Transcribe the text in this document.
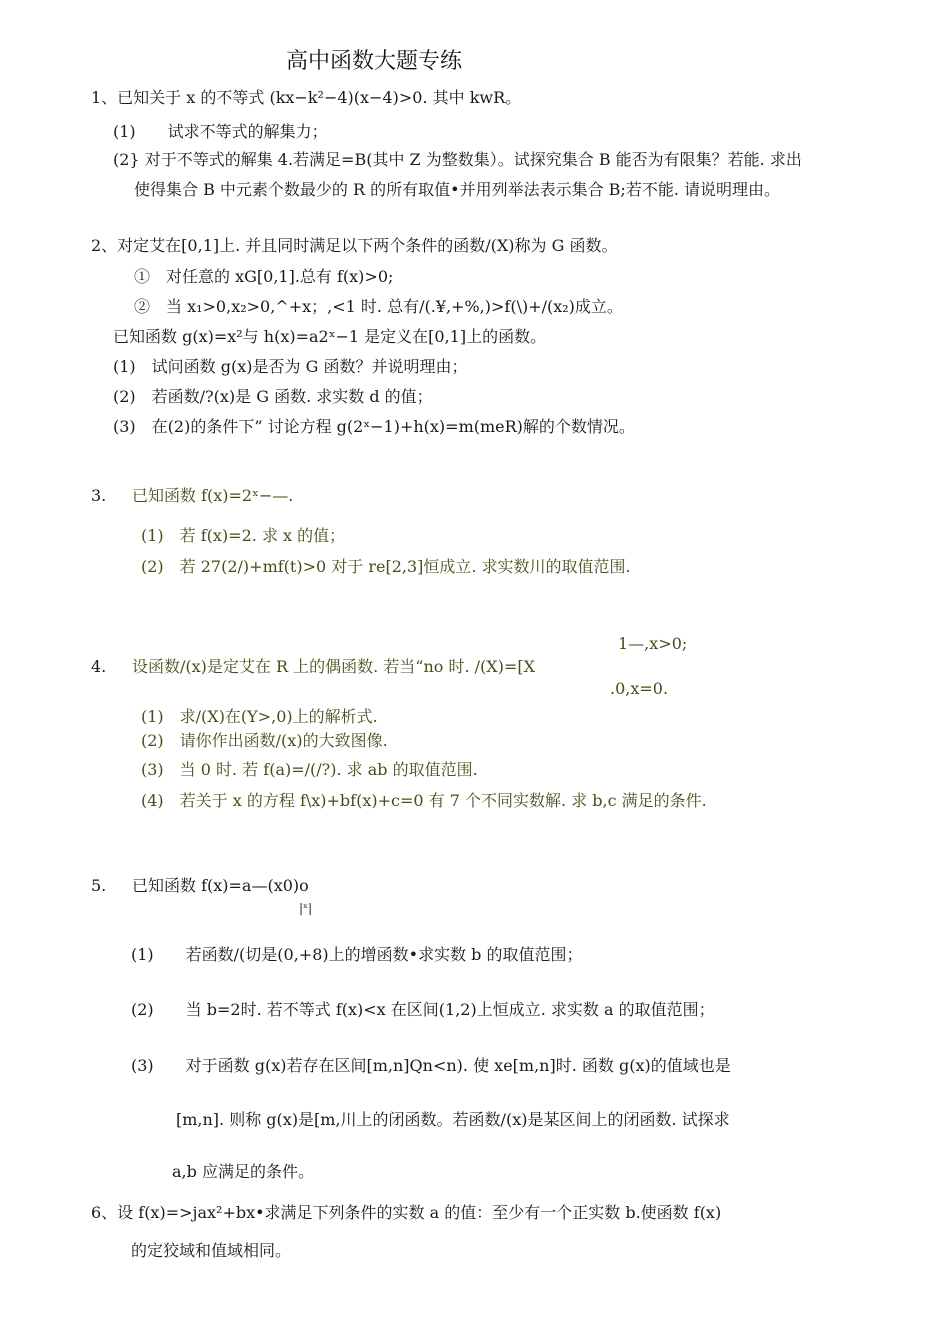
高中函数大题专练
1、已知关于 x 的不等式 (kx−k²−4)(x−4)>0. 其中 kwR。
(1)　　试求不等式的解集力；
(2} 对于不等式的解集 4.若满足=B(其中 Z 为整数集）。试探究集合 B 能否为有限集？若能. 求出
使得集合 B 中元素个数最少的 R 的所有取值•并用列举法表示集合 B;若不能. 请说明理由。
2、对定艾在[0,1]上. 并且同时满足以下两个条件的函数/(X)称为 G 函数。
①　对任意的 xG[0,1].总有 f(x)>0;
②　当 x₁>0,x₂>0,^+x；,<1 时. 总有/(.¥,+%,)>f(\)+/(x₂)成立。
已知函数 g(x)=x²与 h(x)=a2ˣ−1 是定义在[0,1]上的函数。
(1)　试问函数 g(x)是否为 G 函数？并说明理由；
(2)　若函数/?(x)是 G 函数. 求实数 d 的值；
(3)　在(2)的条件下” 讨论方程 g(2ˣ−1)+h(x)=m(meR)解的个数情况。
3. 已知函数 f(x)=2ˣ−—.
(1)　若 f(x)=2. 求 x 的值；
(2)　若 27(2/)+mf(t)>0 对于 re[2,3]恒成立. 求实数川的取值范围.
1—,x>0;
4. 设函数/(x)是定艾在 R 上的偶函数. 若当“no 时. /(X)=[X
.0,x=0.
(1)　求/(X)在(Y>,0)上的解析式.
(2)　请你作出函数/(x)的大致图像.
(3)　当 0 时. 若 f(a)=/(/?). 求 ab 的取值范围.
(4)　若关于 x 的方程 f\x)+bf(x)+c=0 有 7 个不同实数解. 求 b,c 满足的条件.
5. 已知函数 f(x)=a—(x0)o
|ˣ|
(1)　　若函数/(切是(0,+8)上的增函数•求实数 b 的取值范围；
(2)　　当 b=2时. 若不等式 f(x)<x 在区间(1,2)上恒成立. 求实数 a 的取值范围；
(3)　　对于函数 g(x)若存在区间[m,n]Qn<n). 使 xe[m,n]时. 函数 g(x)的值域也是
[m,n]. 则称 g(x)是[m,川上的闭函数。若函数/(x)是某区间上的闭函数. 试探求
a,b 应满足的条件。
6、设 f(x)=>jax²+bx•求满足下列条件的实数 a 的值：至少有一个正实数 b.使函数 f(x)
的定狡域和值域相同。
